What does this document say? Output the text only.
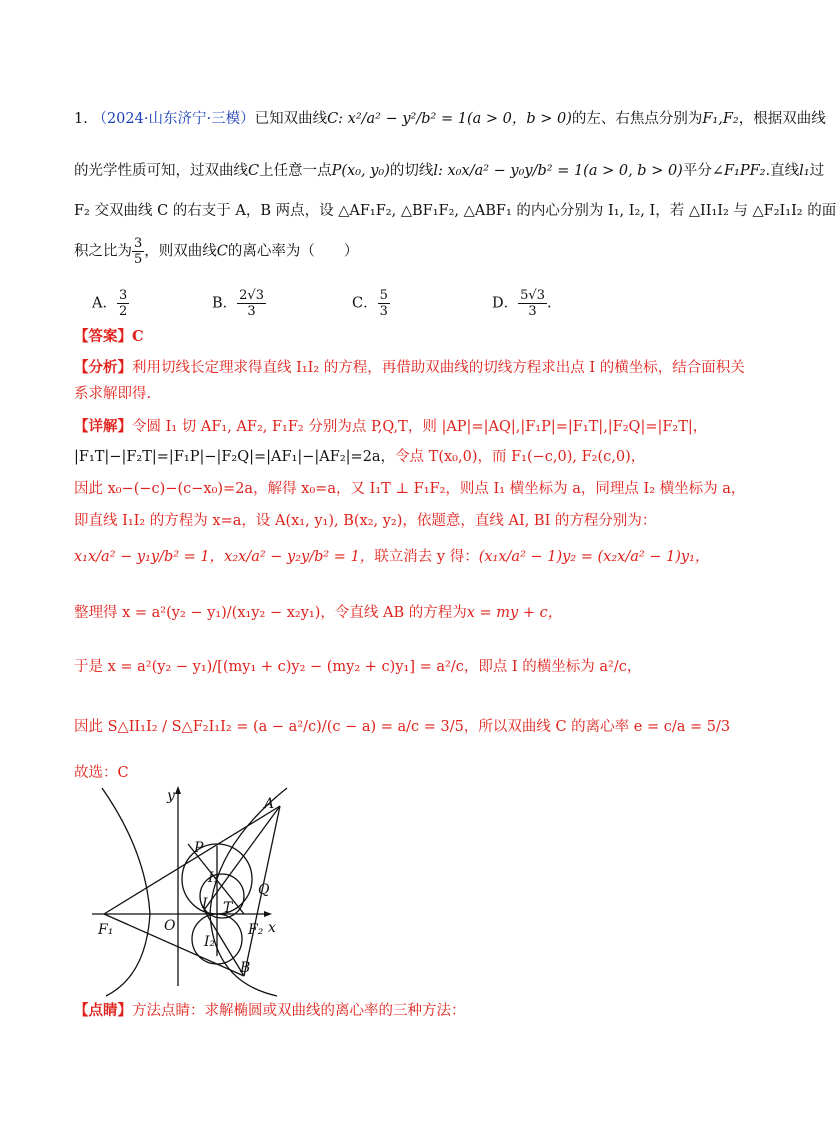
1. （2024·山东济宁·三模）已知双曲线C: x²/a² − y²/b² = 1(a > 0，b > 0)的左、右焦点分别为F₁,F₂，根据双曲线
的光学性质可知，过双曲线C上任意一点P(x₀, y₀)的切线l: x₀x/a² − y₀y/b² = 1(a > 0, b > 0)平分∠F₁PF₂.直线l₁过
F₂ 交双曲线 C 的右支于 A，B 两点，设 △AF₁F₂, △BF₁F₂, △ABF₁ 的内心分别为 I₁, I₂, I，若 △II₁I₂ 与 △F₂I₁I₂ 的面
积之比为 $\frac{3}{5}$ ，则双曲线C的离心率为（　　）
A． $\frac{3}{2}$	B． $\frac{2√3}{3}$	C． $\frac{5}{3}$	D． $\frac{5√3}{3}$ .
【答案】C
【分析】利用切线长定理求得直线 I₁I₂ 的方程，再借助双曲线的切线方程求出点 I 的横坐标，结合面积关
系求解即得.
【详解】令圆 I₁ 切 AF₁, AF₂, F₁F₂ 分别为点 P,Q,T，则 |AP|=|AQ|,|F₁P|=|F₁T|,|F₂Q|=|F₂T|，
|F₁T|−|F₂T|=|F₁P|−|F₂Q|=|AF₁|−|AF₂|=2a，令点 T(x₀,0)，而 F₁(−c,0), F₂(c,0)，
因此 x₀−(−c)−(c−x₀)=2a，解得 x₀=a，又 I₁T ⊥ F₁F₂，则点 I₁ 横坐标为 a，同理点 I₂ 横坐标为 a，
即直线 I₁I₂ 的方程为 x=a，设 A(x₁, y₁), B(x₂, y₂)，依题意，直线 AI, BI 的方程分别为：
x₁x/a² − y₁y/b² = 1，x₂x/a² − y₂y/b² = 1，联立消去 y 得：(x₁x/a² − 1)y₂ = (x₂x/a² − 1)y₁，
整理得 x = a²(y₂ − y₁)/(x₁y₂ − x₂y₁)，令直线 AB 的方程为x = my + c，
于是 x = a²(y₂ − y₁)/[(my₁ + c)y₂ − (my₂ + c)y₁] = a²/c，即点 I 的横坐标为 a²/c，
因此 S△II₁I₂ / S△F₂I₁I₂ = (a − a²/c)/(c − a) = a/c = 3/5，所以双曲线 C 的离心率 e = c/a = 5/3
故选：C
y
x
A
P
I₁
Q
I T
O
F₁	F₂
I₂
B
【点睛】方法点睛：求解椭圆或双曲线的离心率的三种方法：
